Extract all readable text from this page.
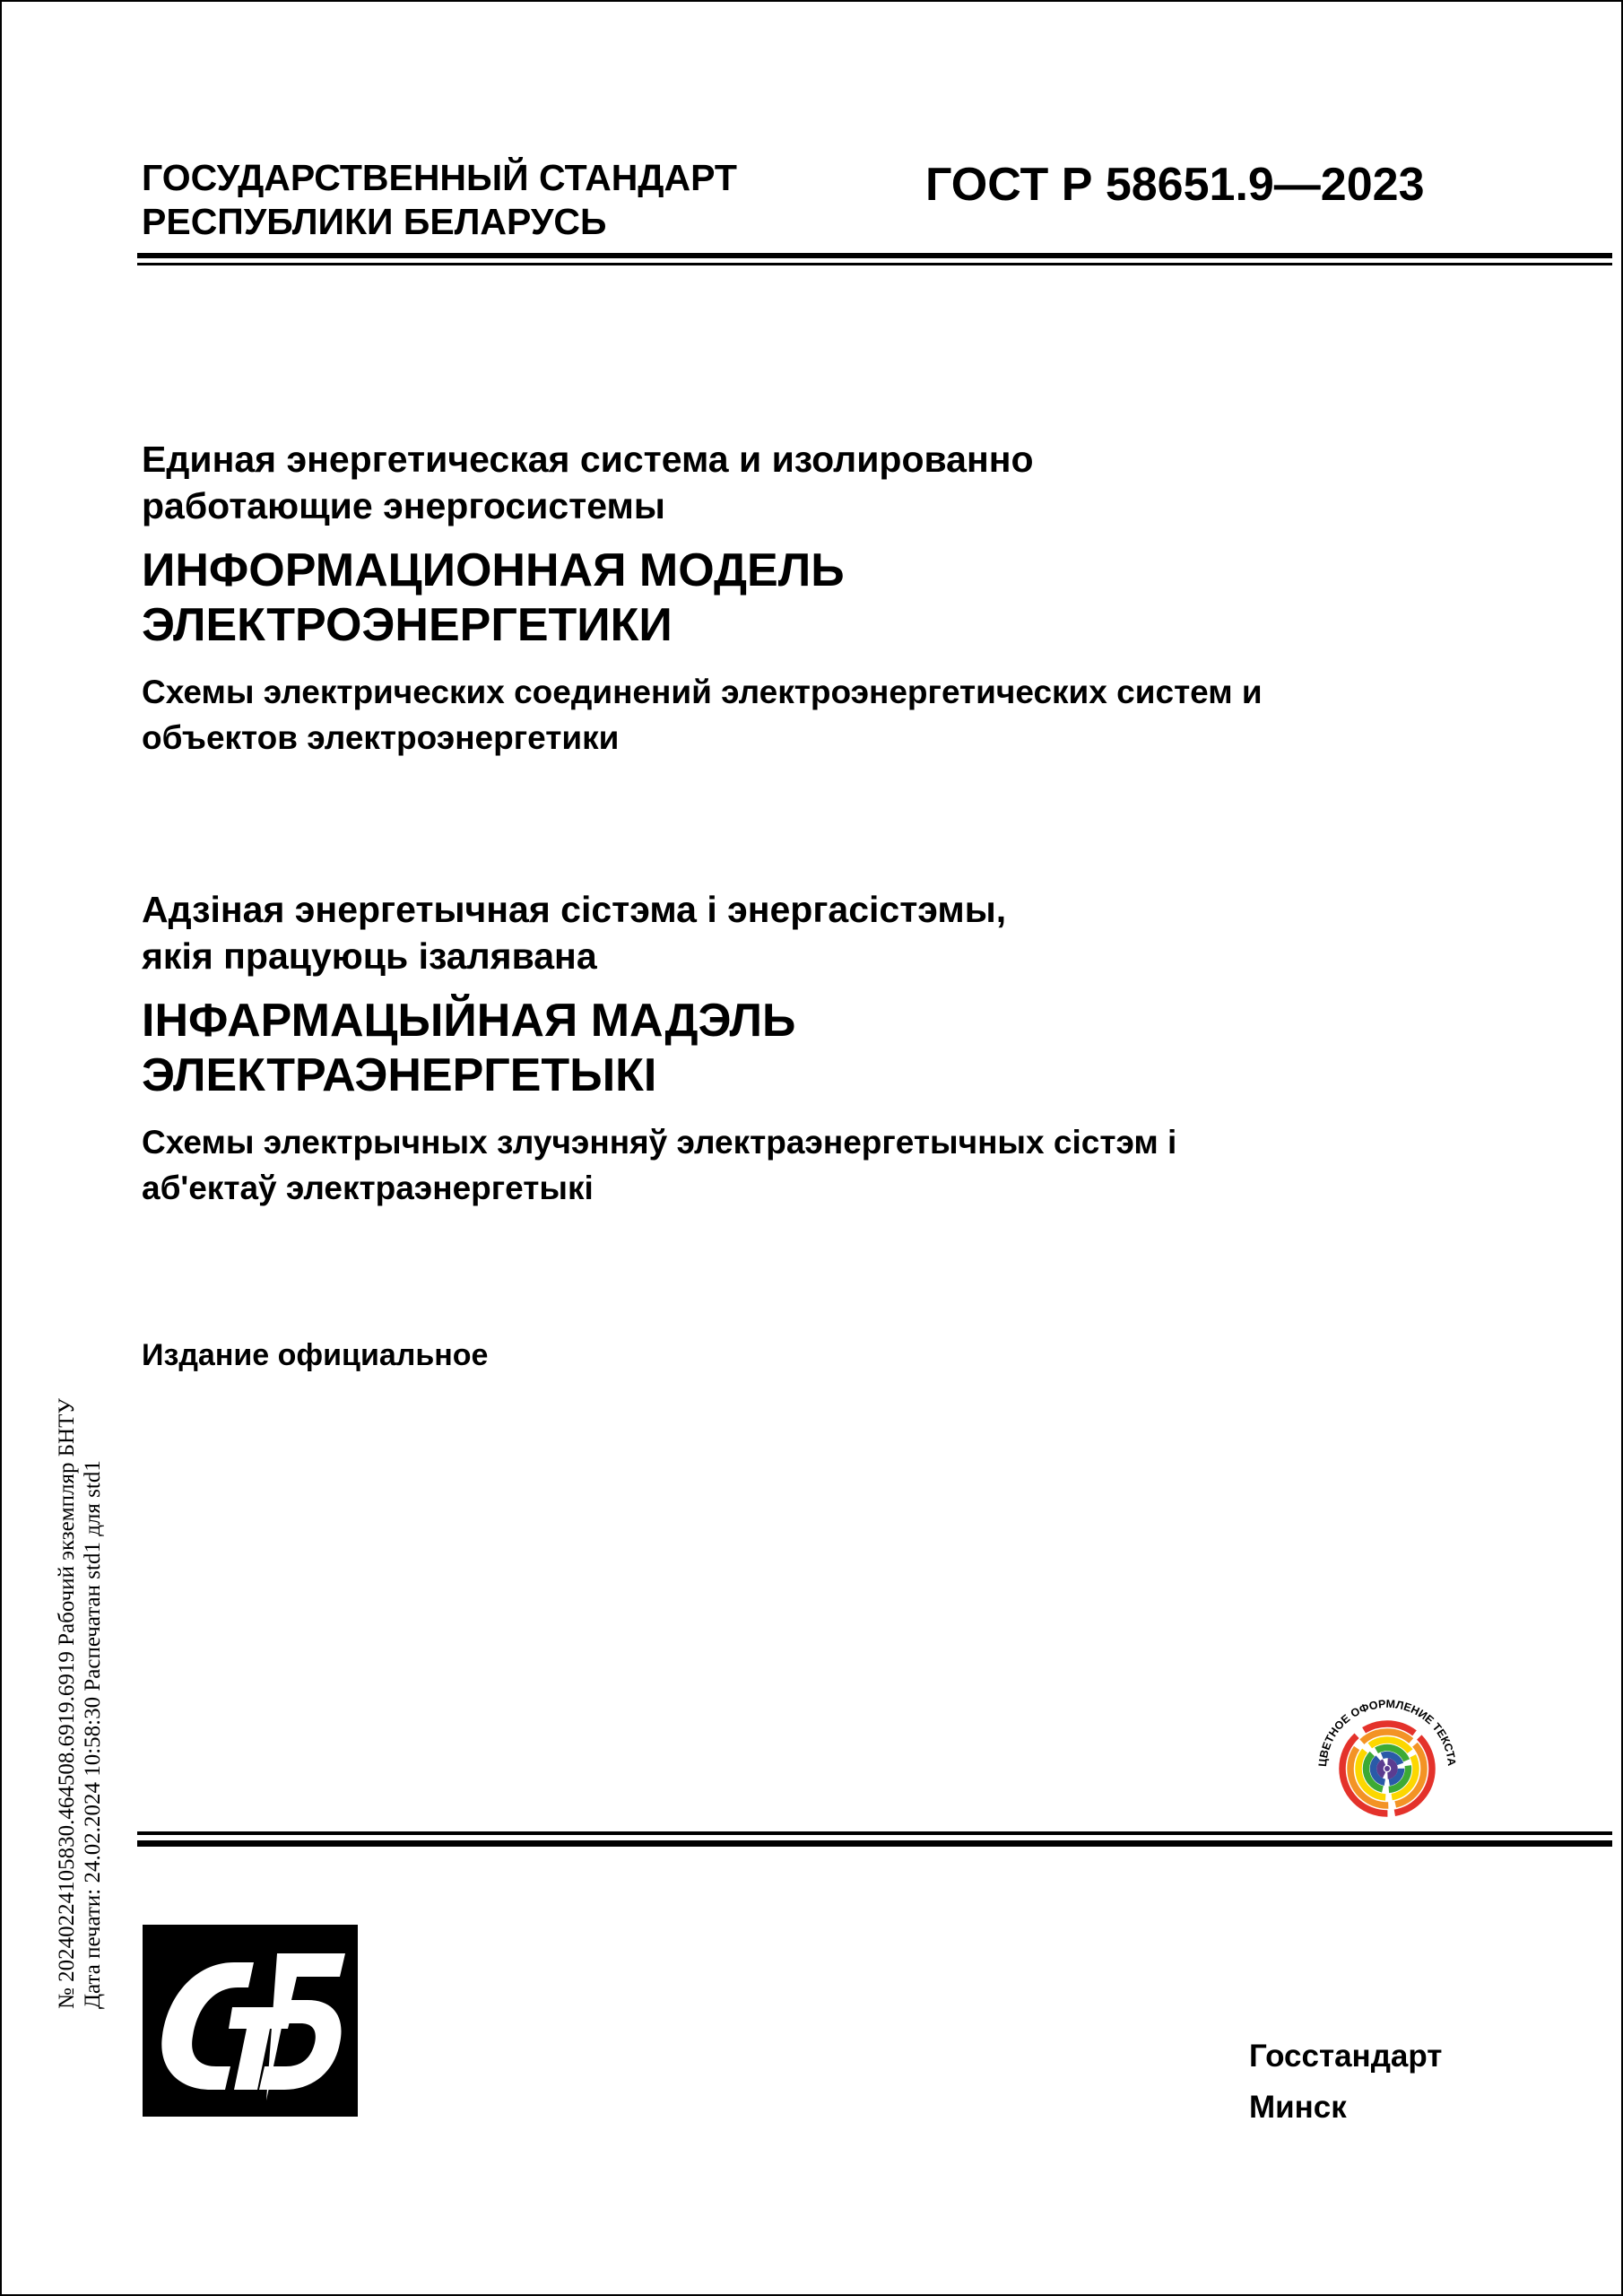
ГОСУДАРСТВЕННЫЙ СТАНДАРТ
РЕСПУБЛИКИ БЕЛАРУСЬ
ГОСТ Р 58651.9—2023
Единая энергетическая система и изолированно
работающие энергосистемы
ИНФОРМАЦИОННАЯ МОДЕЛЬ
ЭЛЕКТРОЭНЕРГЕТИКИ
Схемы электрических соединений электроэнергетических систем и
объектов электроэнергетики
Адзіная энергетычная сістэма і энергасістэмы,
якія працуюць ізалявана
ІНФАРМАЦЫЙНАЯ МАДЭЛЬ
ЭЛЕКТРАЭНЕРГЕТЫКІ
Схемы электрычных злучэнняў электраэнергетычных сістэм і
аб'ектаў электраэнергетыкі
Издание официальное
№ 20240224105830.464508.6919.6919 Рабочий экземпляр БНТУ Дата печати: 24.02.2024 10:58:30 Распечатан std1 для std1	ЦВЕТНОЕ ОФОРМЛЕНИЕ ТЕКСТА
Госстандарт
Минск
